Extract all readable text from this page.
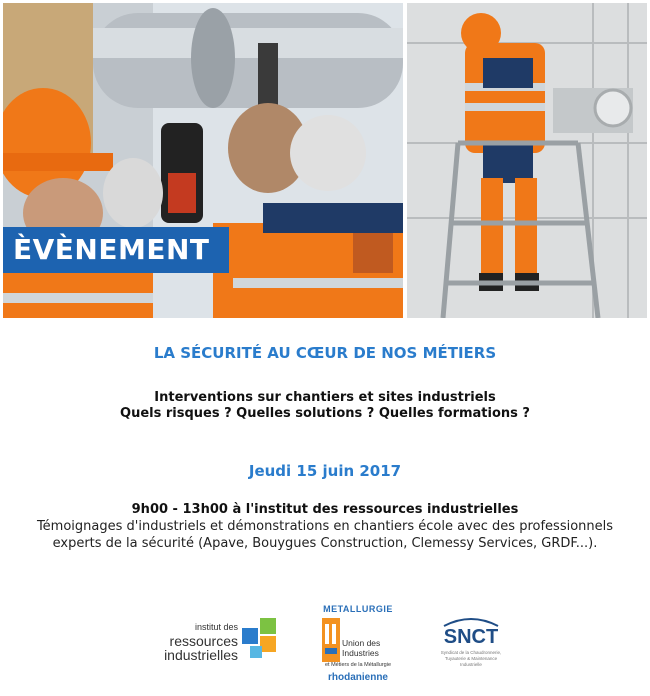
ÈVÈNEMENT
LA SÉCURITÉ AU CŒUR DE NOS MÉTIERS
Interventions sur chantiers et sites industriels
Quels risques ? Quelles solutions ? Quelles formations ?
Jeudi 15 juin 2017
9h00 - 13h00 à l'institut des ressources industrielles
Témoignages d'industriels et démonstrations en chantiers école avec des professionnels
experts de la sécurité (Apave, Bouygues Construction, Clemessy Services, GRDF...).
institut des
ressources
industrielles
METALLURGIE
Union des
Industries
et Métiers de la Métallurgie
rhodanienne
SNCT
Syndicat de la Chaudronnerie, Tuyauterie & Maintenance Industrielle
